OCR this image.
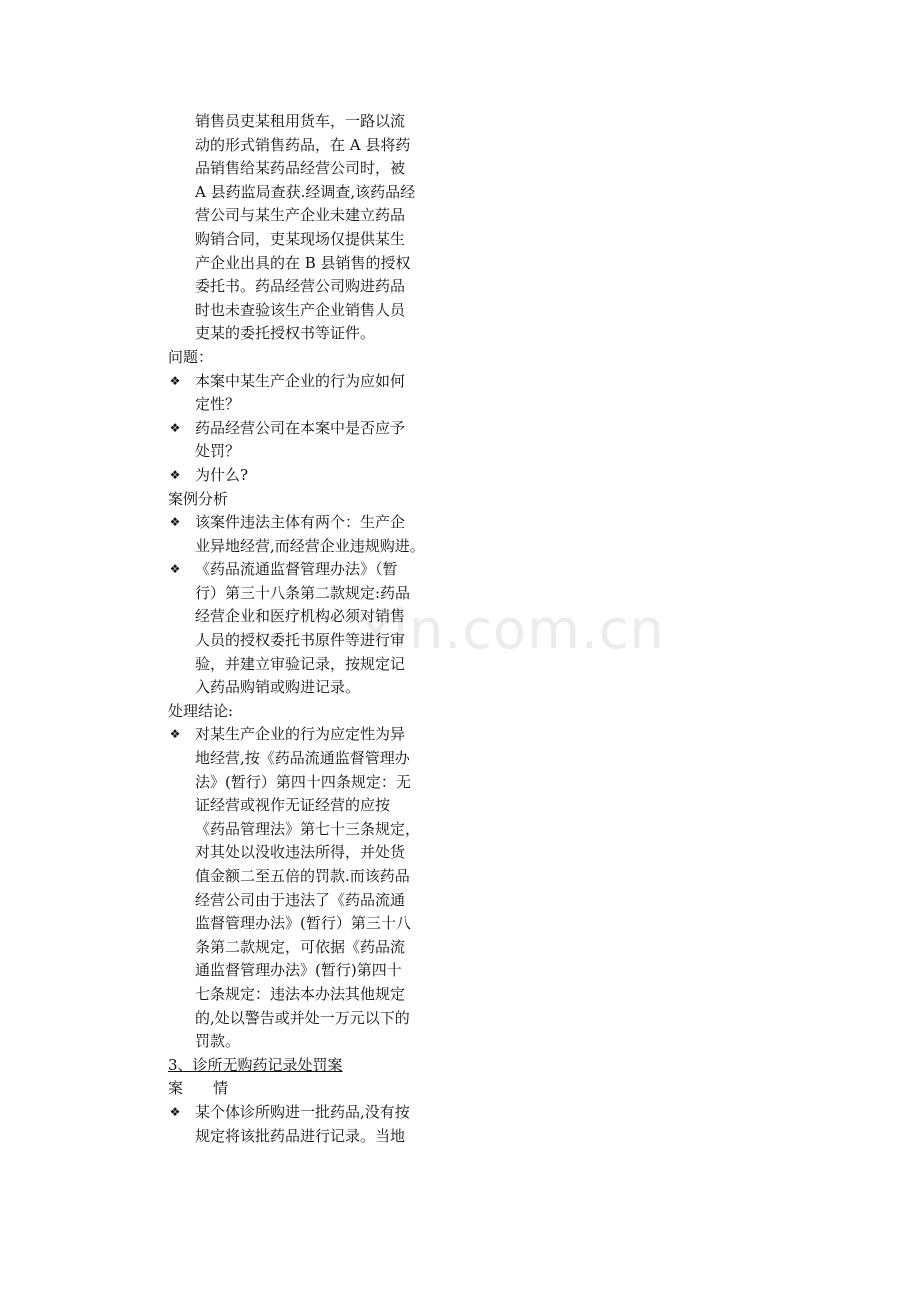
xin.com.cn
销售员吏某租用货车，一路以流
动的形式销售药品，在 A 县将药
品销售给某药品经营公司时，被
A 县药监局查获.经调查,该药品经
营公司与某生产企业未建立药品
购销合同，吏某现场仅提供某生
产企业出具的在 B 县销售的授权
委托书。药品经营公司购进药品
时也未查验该生产企业销售人员
吏某的委托授权书等证件。
问题：
❖ 本案中某生产企业的行为应如何
定性？
❖ 药品经营公司在本案中是否应予
处罚？
❖ 为什么?
案例分析
❖ 该案件违法主体有两个：生产企
业异地经营,而经营企业违规购进。
❖ 《药品流通监督管理办法》（暂
行）第三十八条第二款规定:药品
经营企业和医疗机构必须对销售
人员的授权委托书原件等进行审
验，并建立审验记录，按规定记
入药品购销或购进记录。
处理结论:
❖ 对某生产企业的行为应定性为异
地经营,按《药品流通监督管理办
法》(暂行）第四十四条规定：无
证经营或视作无证经营的应按
《药品管理法》第七十三条规定，
对其处以没收违法所得，并处货
值金额二至五倍的罚款.而该药品
经营公司由于违法了《药品流通
监督管理办法》(暂行）第三十八
条第二款规定，可依据《药品流
通监督管理办法》(暂行)第四十
七条规定：违法本办法其他规定
的,处以警告或并处一万元以下的
罚款。
3、诊所无购药记录处罚案
案　　情
❖ 某个体诊所购进一批药品,没有按
规定将该批药品进行记录。当地
